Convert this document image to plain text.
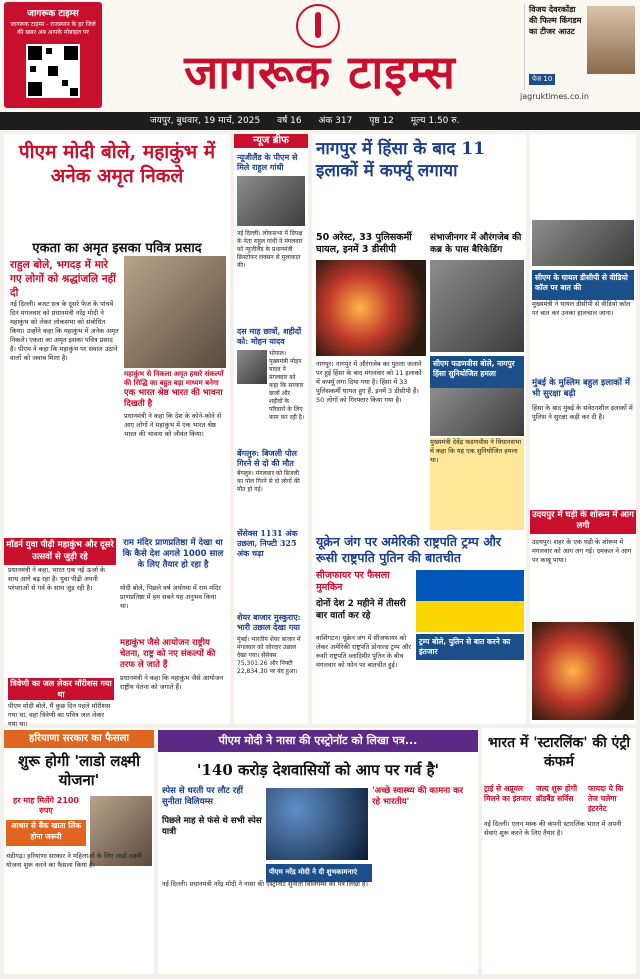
जागरूक टाइम्स
जागरूक टाइम्स - राजस्थान के हर जिले की खबर अब आपके मोबाइल पर
जागरूक टाइम्स	jagruktimes.co.in
विजय देवरकोंडा की फिल्म किंगडम का टीजर आउट
पेज 10
जयपुर, बुधवार, 19 मार्च, 2025 वर्ष 16 अंक 317 पृष्ठ 12 मूल्य 1.50 रु.
पीएम मोदी बोले, महाकुंभ में अनेक अमृत निकले
एकता का अमृत इसका पवित्र प्रसाद
राहुल बोले, भगदड़ में मारे गए लोगों को श्रद्धांजलि नहीं दी
नई दिल्ली। बजट सत्र के दूसरे फेज के पांचवें दिन मंगलवार को प्रधानमंत्री नरेंद्र मोदी ने महाकुंभ को लेकर लोकसभा को संबोधित किया। उन्होंने कहा कि महाकुंभ में अनेक अमृत निकले। एकता का अमृत इसका पवित्र प्रसाद है। पीएम ने कहा कि महाकुंभ पर सवाल उठाने वालों को जवाब मिला है।
महाकुंभ से निकला अमृत हमारे संकल्पों की सिद्धि का बहुत बड़ा माध्यम बनेगा
एक भारत श्रेष्ठ भारत की भावना दिखती है
प्रधानमंत्री ने कहा कि देश के कोने-कोने से आए लोगों ने महाकुंभ में एक भारत श्रेष्ठ भारत की भावना को जीवंत किया।
मॉडर्न युवा पीढ़ी महाकुंभ और दूसरे उत्सवों से जुड़ी रहे
प्रधानमंत्री ने कहा, भारत एक नई ऊर्जा के साथ आगे बढ़ रहा है। युवा पीढ़ी अपनी परंपराओं से गर्व के साथ जुड़ रही है।
त्रिवेणी का जल लेकर मॉरीशस गया था
पीएम मोदी बोले, मैं कुछ दिन पहले मॉरीशस गया था, वहां त्रिवेणी का पवित्र जल लेकर गया था।
राम मंदिर प्राणप्रतिष्ठा में देखा था कि कैसे देश अगले 1000 साल के लिए तैयार हो रहा है
मोदी बोले, पिछले वर्ष अयोध्या में राम मंदिर प्राणप्रतिष्ठा में हम सबने यह अनुभव किया था।
महाकुंभ जैसे आयोजन राष्ट्रीय चेतना, राष्ट्र को नए संकल्पों की तरफ ले जाते हैं
प्रधानमंत्री ने कहा कि महाकुंभ जैसे आयोजन राष्ट्रीय चेतना को जगाते हैं।
न्यूज ब्रीफ
न्यूजीलैंड के पीएम से मिले राहुल गांधी
नई दिल्ली। लोकसभा में विपक्ष के नेता राहुल गांधी ने मंगलवार को न्यूजीलैंड के प्रधानमंत्री क्रिस्टोफर लक्सन से मुलाकात की।
दस माह छात्रों, शहीदों को: मोहन यादव
भोपाल। मुख्यमंत्री मोहन यादव ने मंगलवार को कहा कि सरकार छात्रों और शहीदों के परिवारों के लिए काम कर रही है।
बेंगलुरु: बिजली पोल गिरने से दो की मौत
बेंगलुरु। मंगलवार को बिजली का पोल गिरने से दो लोगों की मौत हो गई।
सेंसेक्स 1131 अंक उछला, निफ्टी 325 अंक चढ़ा
शेयर बाजार मुस्कुराए: भारी उछाल देखा गया
मुंबई। भारतीय शेयर बाजार में मंगलवार को जोरदार उछाल देखा गया। सेंसेक्स 75,301.26 और निफ्टी 22,834.30 पर बंद हुआ।
नागपुर में हिंसा के बाद 11 इलाकों में कर्फ्यू लगाया
50 अरेस्ट, 33 पुलिसकर्मी घायल, इनमें 3 डीसीपी
संभाजीनगर में औरंगजेब की कब्र के पास बैरिकेडिंग
नागपुर। नागपुर में औरंगजेब का पुतला जलाने पर हुई हिंसा के बाद मंगलवार को 11 इलाकों में कर्फ्यू लगा दिया गया है। हिंसा में 33 पुलिसकर्मी घायल हुए हैं, इनमें 3 डीसीपी हैं। 50 लोगों को गिरफ्तार किया गया है।
सीएम फडणवीस बोले, नागपुर हिंसा सुनियोजित हमला
मुख्यमंत्री देवेंद्र फडणवीस ने विधानसभा में कहा कि यह एक सुनियोजित हमला था।
यूक्रेन जंग पर अमेरिकी राष्ट्रपति ट्रम्प और रूसी राष्ट्रपति पुतिन की बातचीत
सीजफायर पर फैसला मुमकिन
दोनों देश 2 महीने में तीसरी बार वार्ता कर रहे
वाशिंगटन। यूक्रेन जंग में सीजफायर को लेकर अमेरिकी राष्ट्रपति डोनाल्ड ट्रम्प और रूसी राष्ट्रपति व्लादिमीर पुतिन के बीच मंगलवार को फोन पर बातचीत हुई।
ट्रम्प बोले, पुतिन से बात करने का इंतजार
सीएम के घायल डीसीपी से वीडियो कॉल पर बात की
मुख्यमंत्री ने घायल डीसीपी से वीडियो कॉल पर बात कर उनका हालचाल जाना।
मुंबई के मुस्लिम बहुल इलाकों में भी सुरक्षा बढ़ी
हिंसा के बाद मुंबई के संवेदनशील इलाकों में पुलिस ने सुरक्षा कड़ी कर दी है।
उदयपुर में घड़ी के शोरूम में आग लगी
उदयपुर। शहर के एक घड़ी के शोरूम में मंगलवार को आग लग गई। दमकल ने आग पर काबू पाया।
हरियाणा सरकार का फैसला
शुरू होगी 'लाडो लक्ष्मी योजना'
हर माह मिलेंगे 2100 रुपए
आधार से बैंक खाता लिंक होना जरूरी
चंडीगढ़। हरियाणा सरकार ने महिलाओं के लिए लाडो लक्ष्मी योजना शुरू करने का फैसला किया है।
पीएम मोदी ने नासा की एस्ट्रोनॉट को लिखा पत्र...
'140 करोड़ देशवासियों को आप पर गर्व है'
स्पेस से धरती पर लौट रहीं सुनीता विलियम्स
पिछले माह से फंसे थे सभी स्पेस यात्री
'अच्छे स्वास्थ्य की कामना कर रहे भारतीय'
पीएम नरेंद्र मोदी ने दी शुभकामनाएं
नई दिल्ली। प्रधानमंत्री नरेंद्र मोदी ने नासा की एस्ट्रोनॉट सुनीता विलियम्स को पत्र लिखा है।
भारत में 'स्टारलिंक' की एंट्री कंफर्म
ट्राई से अप्रूवल मिलने का इंतजार
जल्द शुरू होगी ब्रॉडबैंड सर्विस
फायदा ये कि तेज चलेगा इंटरनेट
नई दिल्ली। एलन मस्क की कंपनी स्टारलिंक भारत में अपनी सेवाएं शुरू करने के लिए तैयार है।
